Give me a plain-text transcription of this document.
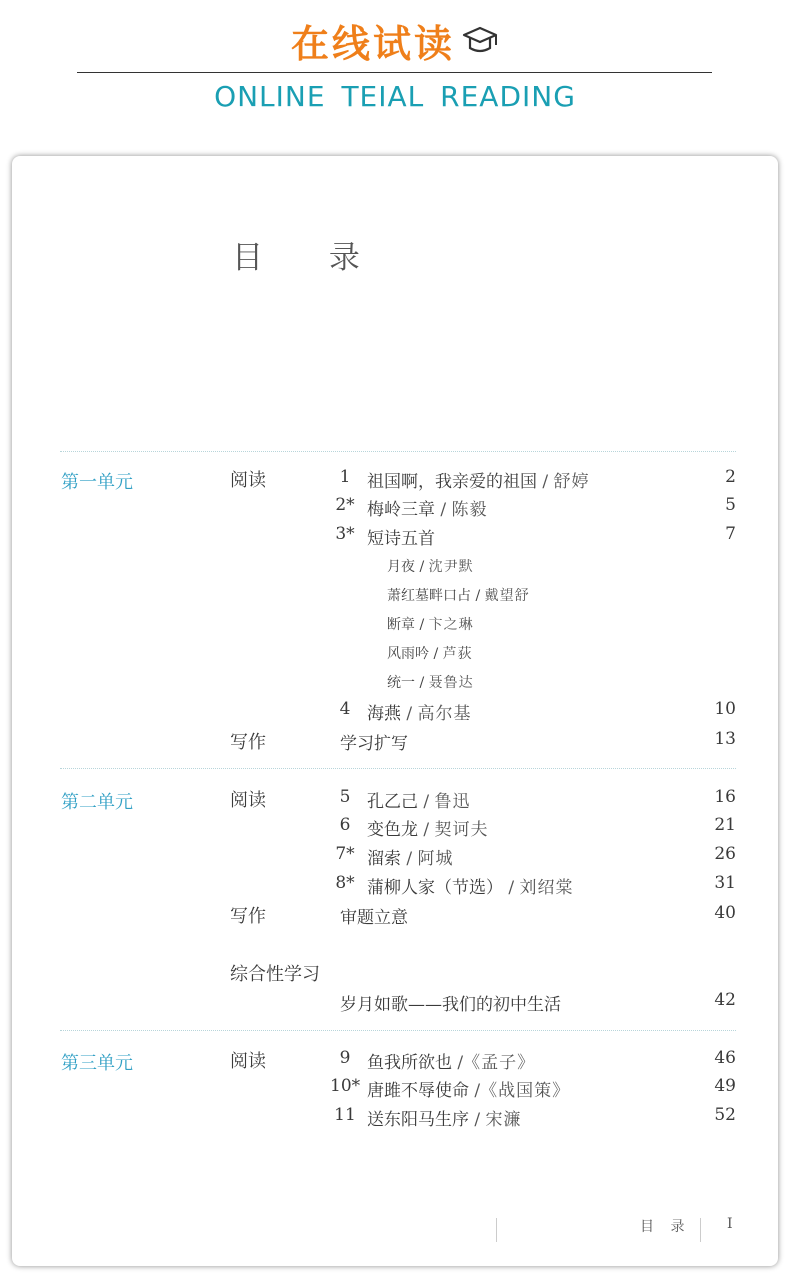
在线试读
ONLINE TEIAL READING
目 录
第一单元	阅读	1 祖国啊，我亲爱的祖国 / 舒婷	2
2* 梅岭三章 / 陈毅	5
3* 短诗五首	7
月夜 / 沈尹默
萧红墓畔口占 / 戴望舒
断章 / 卞之琳
风雨吟 / 芦荻
统一 / 聂鲁达
4 海燕 / 高尔基	10
写作	学习扩写	13
第二单元	阅读	5 孔乙己 / 鲁迅	16
6 变色龙 / 契诃夫	21
7* 溜索 / 阿城	26
8* 蒲柳人家（节选） / 刘绍棠	31
写作	审题立意	40
综合性学习
岁月如歌——我们的初中生活	42
第三单元	阅读	9 鱼我所欲也 /《孟子》	46
10* 唐雎不辱使命 /《战国策》	49
11 送东阳马生序 / 宋濂	52
目 录	I
